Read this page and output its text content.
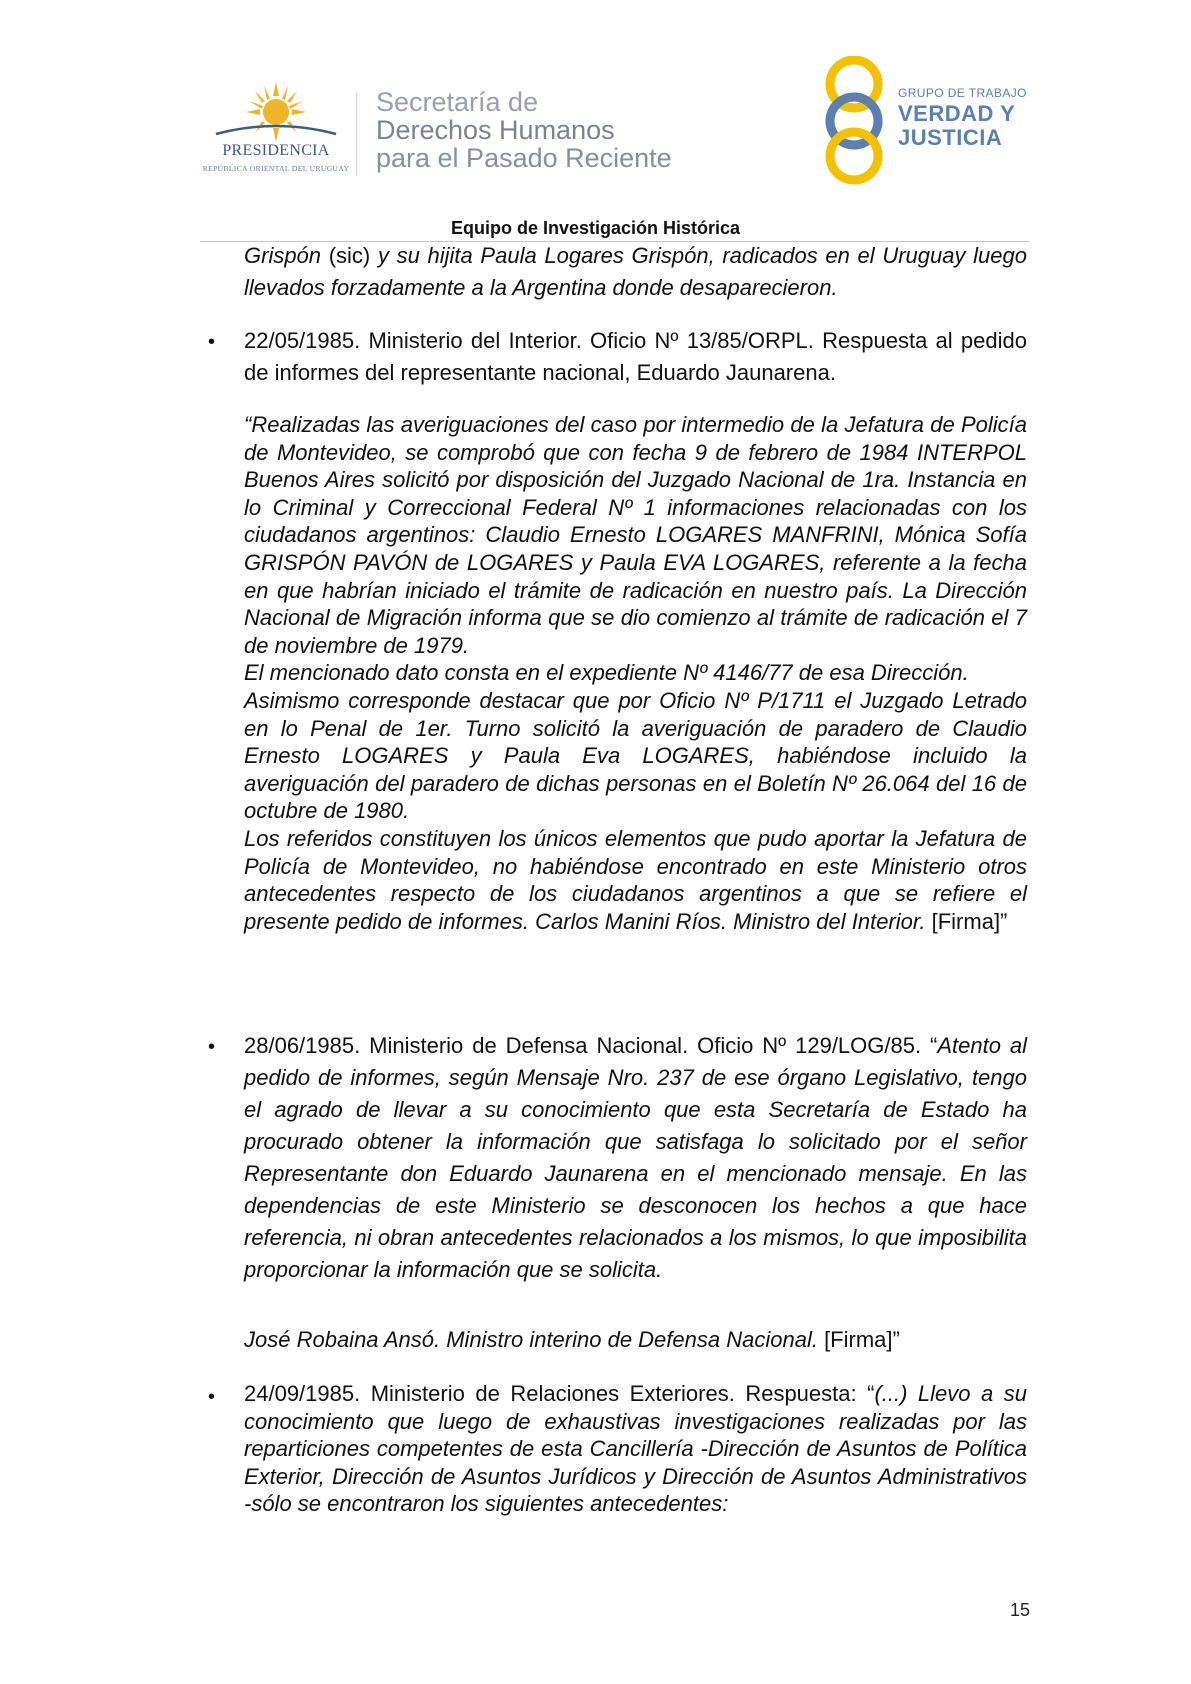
PRESIDENCIA
REPÚBLICA ORIENTAL DEL URUGUAY
Secretaría de
Derechos Humanos
para el Pasado Reciente
GRUPO DE TRABAJO
VERDAD Y
JUSTICIA
Equipo de Investigación Histórica

Grispón (sic) y su hijita Paula Logares Grispón, radicados en el Uruguay luego llevados forzadamente a la Argentina donde desaparecieron.

• 22/05/1985. Ministerio del Interior. Oficio Nº 13/85/ORPL. Respuesta al pedido de informes del representante nacional, Eduardo Jaunarena.

“Realizadas las averiguaciones del caso por intermedio de la Jefatura de Policía de Montevideo, se comprobó que con fecha 9 de febrero de 1984 INTERPOL Buenos Aires solicitó por disposición del Juzgado Nacional de 1ra. Instancia en lo Criminal y Correccional Federal Nº 1 informaciones relacionadas con los ciudadanos argentinos: Claudio Ernesto LOGARES MANFRINI, Mónica Sofía GRISPÓN PAVÓN de LOGARES y Paula EVA LOGARES, referente a la fecha en que habrían iniciado el trámite de radicación en nuestro país. La Dirección Nacional de Migración informa que se dio comienzo al trámite de radicación el 7 de noviembre de 1979.
El mencionado dato consta en el expediente Nº 4146/77 de esa Dirección.
Asimismo corresponde destacar que por Oficio Nº P/1711 el Juzgado Letrado en lo Penal de 1er. Turno solicitó la averiguación de paradero de Claudio Ernesto LOGARES y Paula Eva LOGARES, habiéndose incluido la averiguación del paradero de dichas personas en el Boletín Nº 26.064 del 16 de octubre de 1980.
Los referidos constituyen los únicos elementos que pudo aportar la Jefatura de Policía de Montevideo, no habiéndose encontrado en este Ministerio otros antecedentes respecto de los ciudadanos argentinos a que se refiere el presente pedido de informes. Carlos Manini Ríos. Ministro del Interior. [Firma]”

• 28/06/1985. Ministerio de Defensa Nacional. Oficio Nº 129/LOG/85. “Atento al pedido de informes, según Mensaje Nro. 237 de ese órgano Legislativo, tengo el agrado de llevar a su conocimiento que esta Secretaría de Estado ha procurado obtener la información que satisfaga lo solicitado por el señor Representante don Eduardo Jaunarena en el mencionado mensaje. En las dependencias de este Ministerio se desconocen los hechos a que hace referencia, ni obran antecedentes relacionados a los mismos, lo que imposibilita proporcionar la información que se solicita.

José Robaina Ansó. Ministro interino de Defensa Nacional. [Firma]”

• 24/09/1985. Ministerio de Relaciones Exteriores. Respuesta: “(...) Llevo a su conocimiento que luego de exhaustivas investigaciones realizadas por las reparticiones competentes de esta Cancillería -Dirección de Asuntos de Política Exterior, Dirección de Asuntos Jurídicos y Dirección de Asuntos Administrativos -sólo se encontraron los siguientes antecedentes:

15
